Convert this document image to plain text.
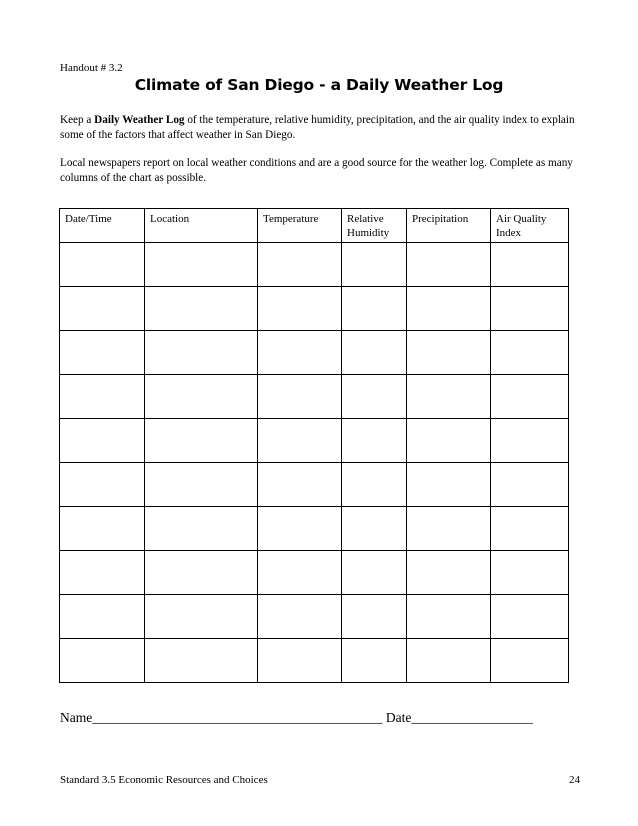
Handout # 3.2
Climate of San Diego - a Daily Weather Log

Keep a Daily Weather Log of the temperature, relative humidity, precipitation, and the air quality index to explain some of the factors that affect weather in San Diego.

Local newspapers report on local weather conditions and are a good source for the weather log. Complete as many columns of the chart as possible.

Date/Time	Location	Temperature	Relative Humidity	Precipitation	Air Quality Index

Name___________________________________________ Date__________________
Standard 3.5 Economic Resources and Choices	24
